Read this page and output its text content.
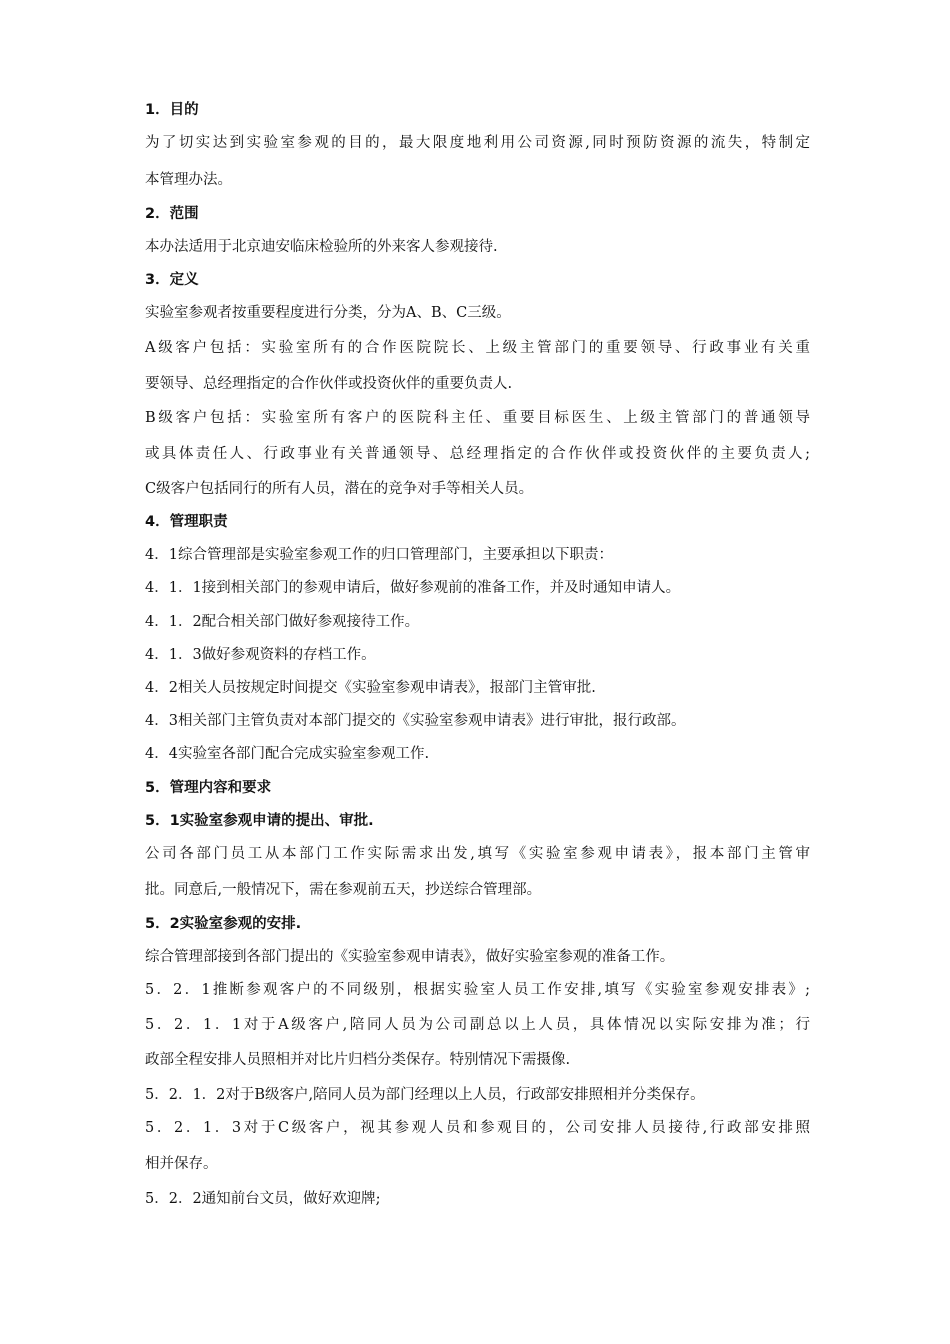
1．目的

为了切实达到实验室参观的目的，最大限度地利用公司资源,同时预防资源的流失，特制定

本管理办法。

2．范围

本办法适用于北京迪安临床检验所的外来客人参观接待.

3．定义

实验室参观者按重要程度进行分类，分为A、B、C三级。

A级客户包括：实验室所有的合作医院院长、上级主管部门的重要领导、行政事业有关重

要领导、总经理指定的合作伙伴或投资伙伴的重要负责人.

B级客户包括：实验室所有客户的医院科主任、重要目标医生、上级主管部门的普通领导

或具体责任人、行政事业有关普通领导、总经理指定的合作伙伴或投资伙伴的主要负责人;

C级客户包括同行的所有人员，潜在的竞争对手等相关人员。

4．管理职责

4．1综合管理部是实验室参观工作的归口管理部门，主要承担以下职责：

4．1．1接到相关部门的参观申请后，做好参观前的准备工作，并及时通知申请人。

4．1．2配合相关部门做好参观接待工作。

4．1．3做好参观资料的存档工作。

4．2相关人员按规定时间提交《实验室参观申请表》，报部门主管审批.

4．3相关部门主管负责对本部门提交的《实验室参观申请表》进行审批，报行政部。

4．4实验室各部门配合完成实验室参观工作.

5．管理内容和要求

5．1实验室参观申请的提出、审批.

公司各部门员工从本部门工作实际需求出发,填写《实验室参观申请表》，报本部门主管审

批。同意后,一般情况下，需在参观前五天，抄送综合管理部。

5．2实验室参观的安排.

综合管理部接到各部门提出的《实验室参观申请表》，做好实验室参观的准备工作。

5．2．1推断参观客户的不同级别，根据实验室人员工作安排,填写《实验室参观安排表》;

5．2．1．1对于A级客户,陪同人员为公司副总以上人员，具体情况以实际安排为准；行

政部全程安排人员照相并对比片归档分类保存。特别情况下需摄像.

5．2．1．2对于B级客户,陪同人员为部门经理以上人员，行政部安排照相并分类保存。

5．2．1．3对于C级客户，视其参观人员和参观目的，公司安排人员接待,行政部安排照

相并保存。

5．2．2通知前台文员，做好欢迎牌;
